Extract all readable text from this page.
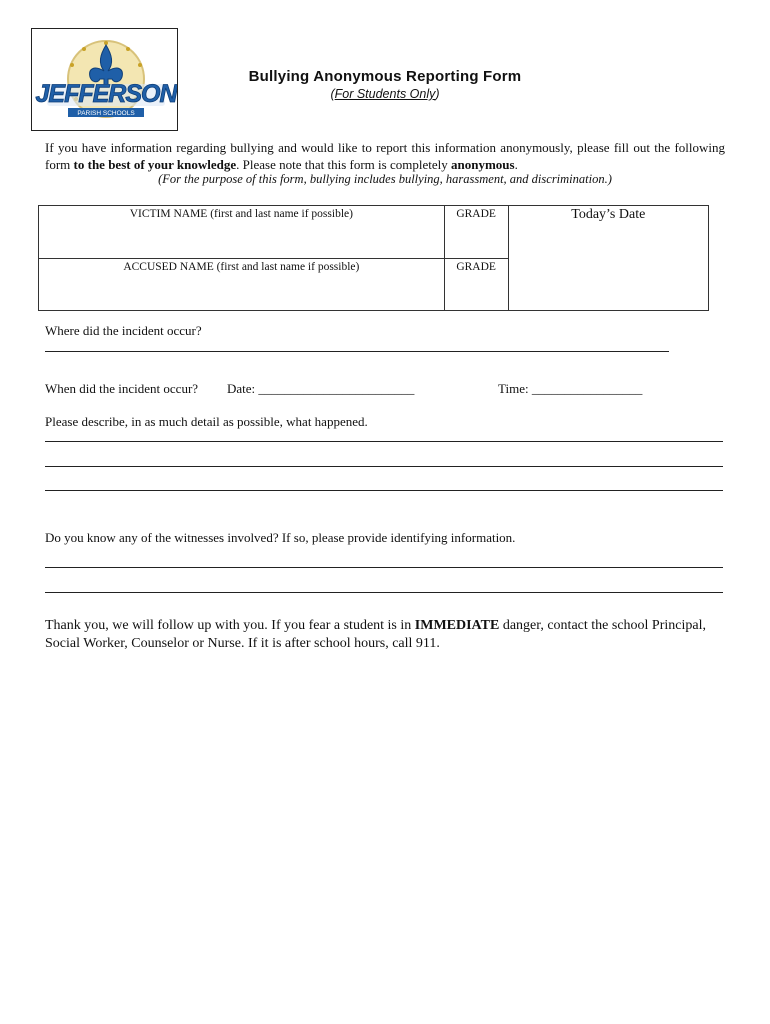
JEFFERSON
PARISH SCHOOLS
Bullying Anonymous Reporting Form
(For Students Only)
If you have information regarding bullying and would like to report this information anonymously, please fill out the following form to the best of your knowledge. Please note that this form is completely anonymous.
(For the purpose of this form, bullying includes bullying, harassment, and discrimination.)
VICTIM NAME (first and last name if possible)	GRADE	Today’s Date
ACCUSED NAME (first and last name if possible)	GRADE	
Where did the incident occur?
When did the incident occur? Date: ________________________	Time: _________________
Please describe, in as much detail as possible, what happened.
Do you know any of the witnesses involved? If so, please provide identifying information.
Thank you, we will follow up with you. If you fear a student is in IMMEDIATE danger, contact the school Principal, Social Worker, Counselor or Nurse. If it is after school hours, call 911.
